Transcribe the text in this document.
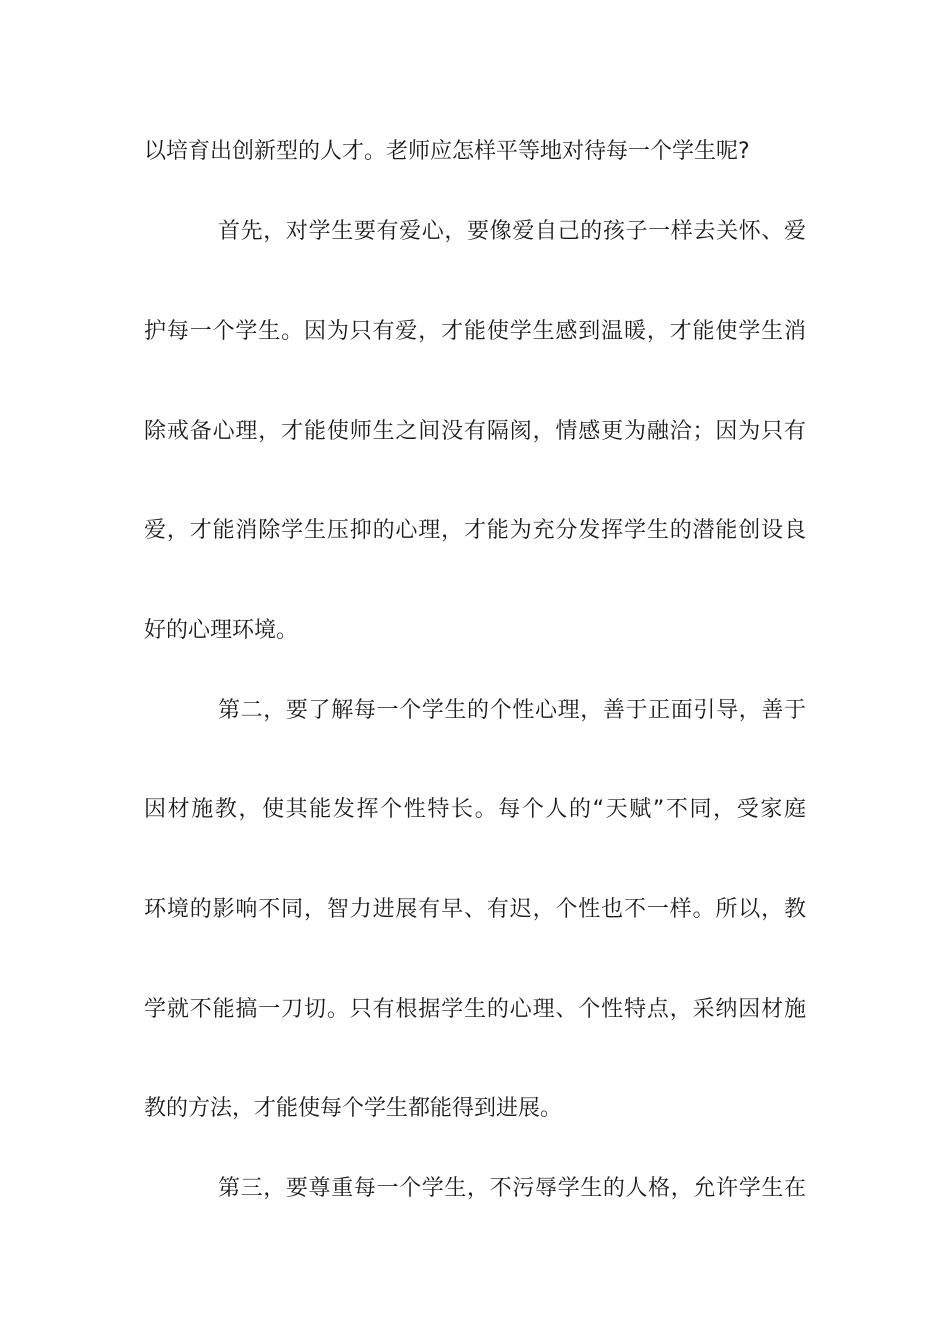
以培育出创新型的人才。老师应怎样平等地对待每一个学生呢?
首先，对学生要有爱心，要像爱自己的孩子一样去关怀、爱
护每一个学生。因为只有爱，才能使学生感到温暖，才能使学生消
除戒备心理，才能使师生之间没有隔阂，情感更为融洽；因为只有
爱，才能消除学生压抑的心理，才能为充分发挥学生的潜能创设良
好的心理环境。
第二，要了解每一个学生的个性心理，善于正面引导，善于
因材施教，使其能发挥个性特长。每个人的“天赋”不同，受家庭
环境的影响不同，智力进展有早、有迟，个性也不一样。所以，教
学就不能搞一刀切。只有根据学生的心理、个性特点，采纳因材施
教的方法，才能使每个学生都能得到进展。
第三，要尊重每一个学生，不污辱学生的人格，允许学生在
